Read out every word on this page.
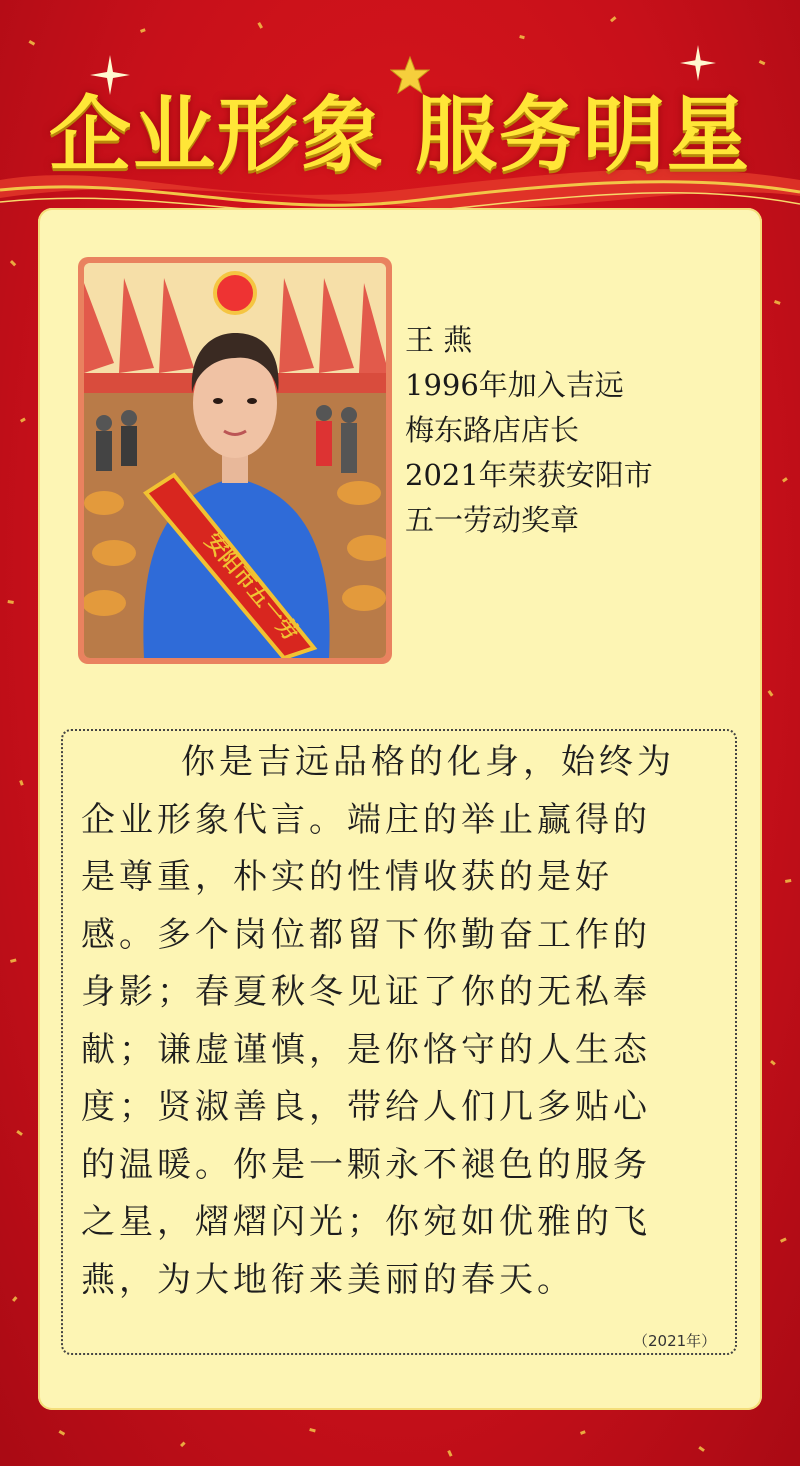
企业形象 服务明星
安阳市五一劳
王 燕
1996年加入吉远
梅东路店店长
2021年荣获安阳市
五一劳动奖章
你是吉远品格的化身，始终为
企业形象代言。端庄的举止赢得的
是尊重，朴实的性情收获的是好
感。多个岗位都留下你勤奋工作的
身影；春夏秋冬见证了你的无私奉
献；谦虚谨慎，是你恪守的人生态
度；贤淑善良，带给人们几多贴心
的温暖。你是一颗永不褪色的服务
之星，熠熠闪光；你宛如优雅的飞
燕，为大地衔来美丽的春天。
（2021年）
